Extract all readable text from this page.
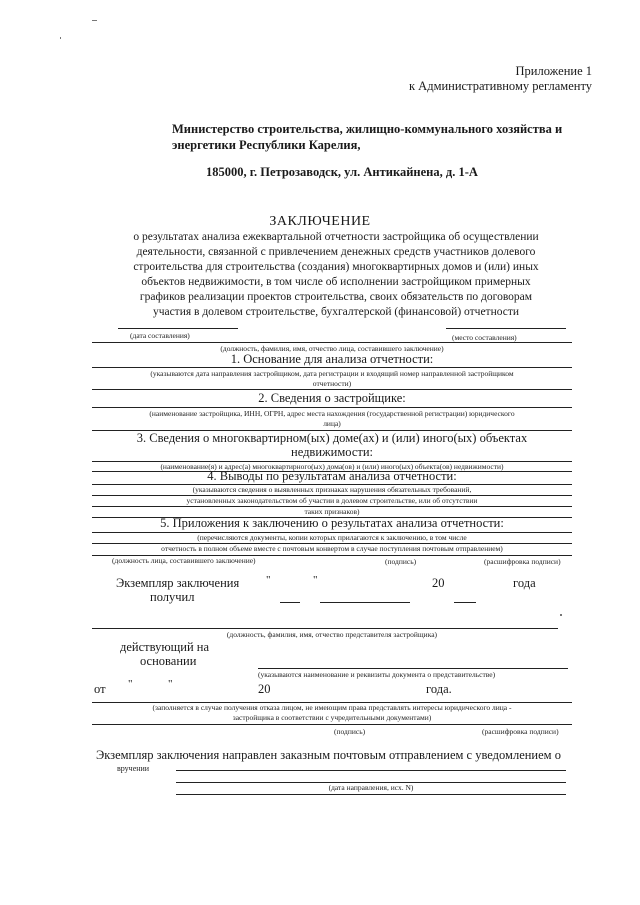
Приложение 1
к Административному регламенту
Министерство строительства, жилищно-коммунального хозяйства и
энергетики Республики Карелия,
185000, г. Петрозаводск, ул. Антикайнена, д. 1-А
ЗАКЛЮЧЕНИЕ
о результатах анализа ежеквартальной отчетности застройщика об осуществлении
деятельности, связанной с привлечением денежных средств участников долевого
строительства для строительства (создания) многоквартирных домов и (или) иных
объектов недвижимости, в том числе об исполнении застройщиком примерных
графиков реализации проектов строительства, своих обязательств по договорам
участия в долевом строительстве, бухгалтерской (финансовой) отчетности
(дата составления)	(место составления)
(должность, фамилия, имя, отчество лица, составившего заключение)
1. Основание для анализа отчетности:
(указываются дата направления застройщиком, дата регистрации и входящий номер направленной застройщиком
отчетности)
2. Сведения о застройщике:
(наименование застройщика, ИНН, ОГРН, адрес места нахождения (государственной регистрации) юридического
лица)
3. Сведения о многоквартирном(ых) доме(ах) и (или) иного(ых) объектах
недвижимости:
(наименование(я) и адрес(а) многоквартирного(ых) дома(ов) и (или) иного(ых) объекта(ов) недвижимости)
4. Выводы по результатам анализа отчетности:
(указываются сведения о выявленных признаках нарушения обязательных требований,
установленных законодательством об участии в долевом строительстве, или об отсутствии
таких признаков)
5. Приложения к заключению о результатах анализа отчетности:
(перечисляются документы, копии которых прилагаются к заключению, в том числе
отчетность в полном объеме вместе с почтовым конвертом в случае поступления почтовым отправлением)
(должность лица, составившего заключение)	(подпись)	(расшифровка подписи)
Экземпляр заключения
получил
"	"	20	года
(должность, фамилия, имя, отчество представителя застройщика)
действующий на
основании
(указываются наименование и реквизиты документа о представительстве)
от "	"	20	года.
(заполняется в случае получения отказа лицом, не имеющим права представлять интересы юридического лица -
застройщика в соответствии с учредительными документами)
(подпись)	(расшифровка подписи)
Экземпляр заключения направлен заказным почтовым отправлением с уведомлением о
вручении
(дата направления, исх. N)
